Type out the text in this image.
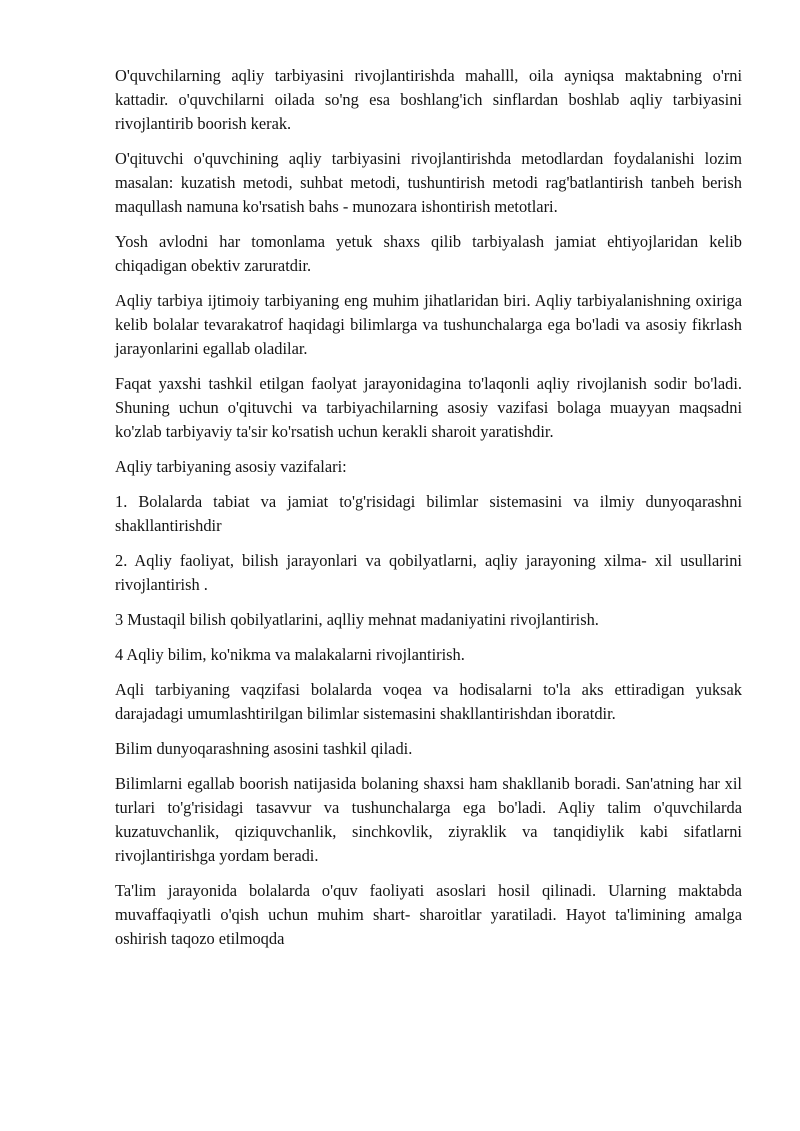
O'quvchilarning aqliy tarbiyasini rivojlantirishda mahalll, oila ayniqsa maktabning o'rni kattadir. o'quvchilarni oilada so'ng esa boshlang'ich sinflardan boshlab aqliy tarbiyasini rivojlantirib boorish kerak.

O'qituvchi o'quvchining aqliy tarbiyasini rivojlantirishda metodlardan foydalanishi lozim masalan: kuzatish metodi, suhbat metodi, tushuntirish metodi rag'batlantirish tanbeh berish maqullash namuna ko'rsatish bahs - munozara ishontirish metotlari.

Yosh avlodni har tomonlama yetuk shaxs qilib tarbiyalash jamiat ehtiyojlaridan kelib chiqadigan obektiv zaruratdir.

Aqliy tarbiya ijtimoiy tarbiyaning eng muhim jihatlaridan biri. Aqliy tarbiyalanishning oxiriga kelib bolalar tevarakatrof haqidagi bilimlarga va tushunchalarga ega bo'ladi va asosiy fikrlash jarayonlarini egallab oladilar.

Faqat yaxshi tashkil etilgan faolyat jarayonidagina to'laqonli aqliy rivojlanish sodir bo'ladi. Shuning uchun o'qituvchi va tarbiyachilarning asosiy vazifasi bolaga muayyan maqsadni ko'zlab tarbiyaviy ta'sir ko'rsatish uchun kerakli sharoit yaratishdir.

Aqliy tarbiyaning asosiy vazifalari:

1. Bolalarda tabiat va jamiat to'g'risidagi bilimlar sistemasini va ilmiy dunyoqarashni shakllantirishdir

2. Aqliy faoliyat, bilish jarayonlari va qobilyatlarni, aqliy jarayoning xilma- xil usullarini rivojlantirish .

3 Mustaqil bilish qobilyatlarini, aqlliy mehnat madaniyatini rivojlantirish.

4 Aqliy bilim, ko'nikma va malakalarni rivojlantirish.

Aqli tarbiyaning vaqzifasi bolalarda voqea va hodisalarni to'la aks ettiradigan yuksak darajadagi umumlashtirilgan bilimlar sistemasini shakllantirishdan iboratdir.

Bilim dunyoqarashning asosini tashkil qiladi.

Bilimlarni egallab boorish natijasida bolaning shaxsi ham shakllanib boradi. San'atning har xil turlari to'g'risidagi tasavvur va tushunchalarga ega bo'ladi. Aqliy talim o'quvchilarda kuzatuvchanlik, qiziquvchanlik, sinchkovlik, ziyraklik va tanqidiylik kabi sifatlarni rivojlantirishga yordam beradi.

Ta'lim jarayonida bolalarda o'quv faoliyati asoslari hosil qilinadi. Ularning maktabda muvaffaqiyatli o'qish uchun muhim shart- sharoitlar yaratiladi. Hayot ta'limining amalga oshirish taqozo etilmoqda
